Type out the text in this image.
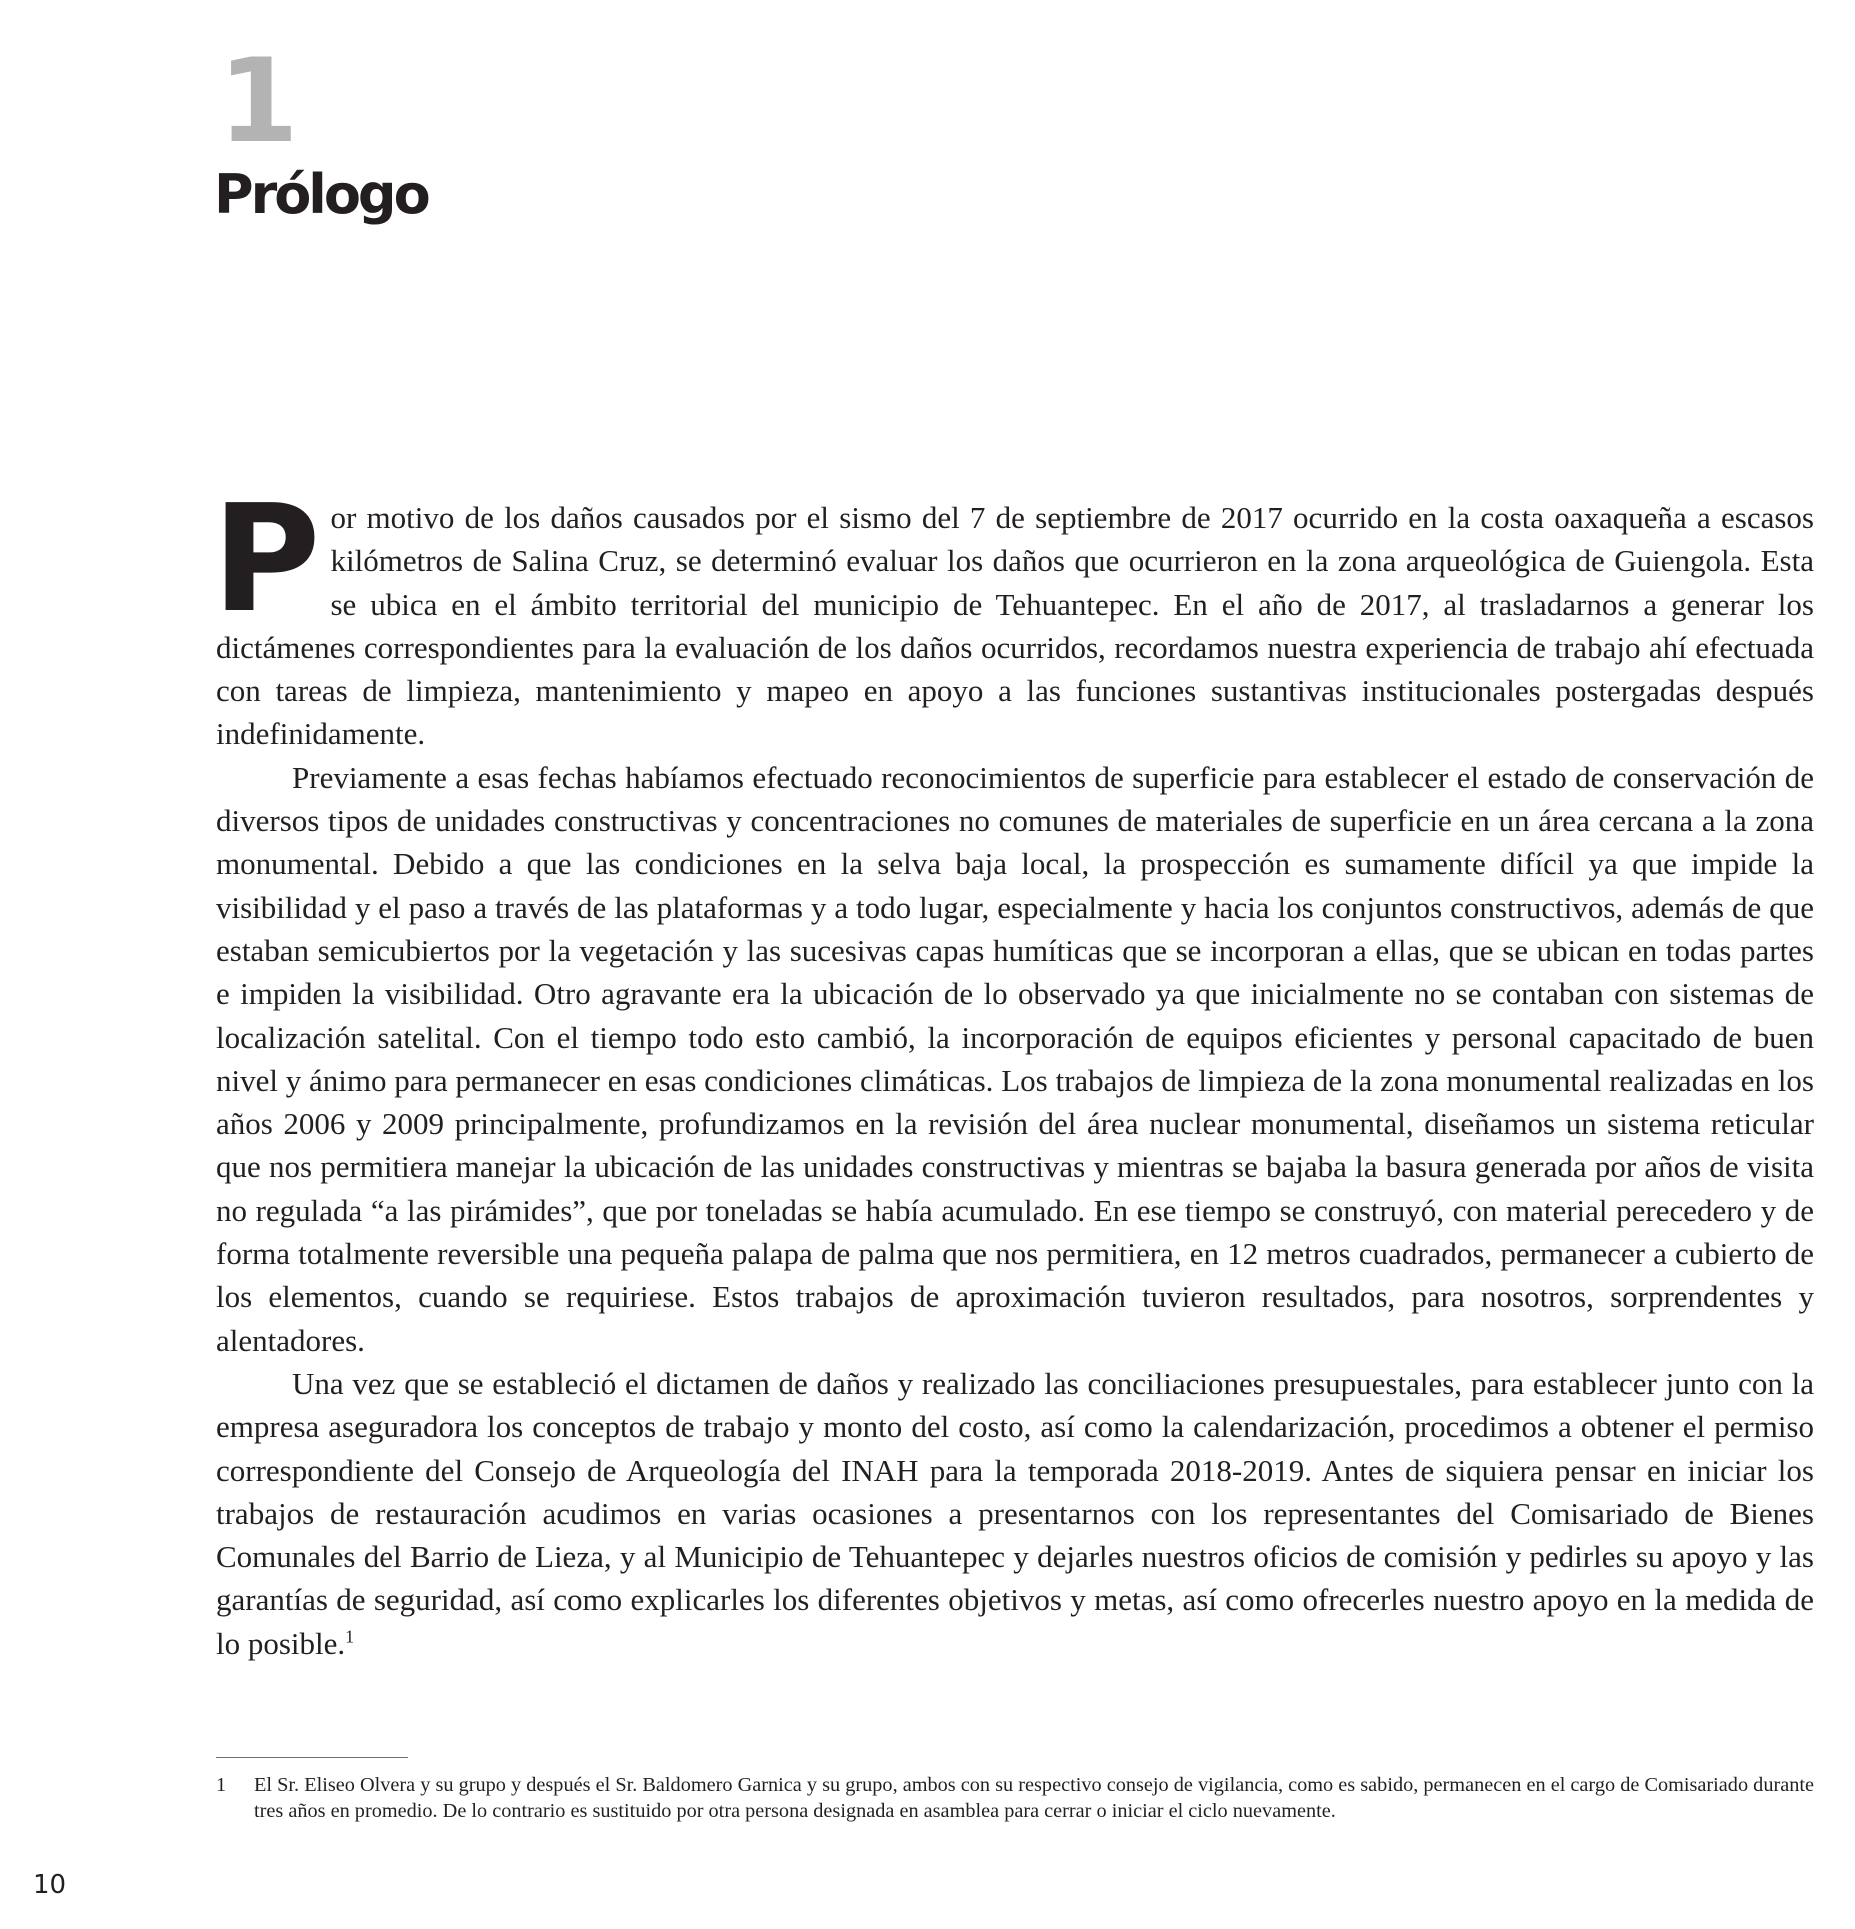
1
Prólogo

Por motivo de los daños causados por el sismo del 7 de septiembre de 2017 ocurrido en la costa oaxaqueña a escasos kilómetros de Salina Cruz, se determinó evaluar los daños que ocurrieron en la zona arqueológica de Guiengola. Esta se ubica en el ámbito territorial del municipio de Tehuantepec. En el año de 2017, al trasladarnos a generar los dictámenes correspondientes para la evaluación de los daños ocurridos, recordamos nuestra experiencia de trabajo ahí efectuada con tareas de limpieza, mantenimiento y mapeo en apoyo a las funciones sustantivas institucionales postergadas después indefinidamente.

Previamente a esas fechas habíamos efectuado reconocimientos de superficie para establecer el estado de conservación de diversos tipos de unidades constructivas y concentraciones no comunes de materiales de superficie en un área cercana a la zona monumental. Debido a que las condiciones en la selva baja local, la prospección es sumamente difícil ya que impide la visibilidad y el paso a través de las plataformas y a todo lugar, especialmente y hacia los conjuntos constructivos, además de que estaban semicubiertos por la vegetación y las sucesivas capas humíticas que se incorporan a ellas, que se ubican en todas partes e impiden la visibilidad. Otro agravante era la ubicación de lo observado ya que inicialmente no se contaban con sistemas de localización satelital. Con el tiempo todo esto cambió, la incorporación de equipos eficientes y personal capacitado de buen nivel y ánimo para permanecer en esas condiciones climáticas. Los trabajos de limpieza de la zona monumental realizadas en los años 2006 y 2009 principalmente, profundizamos en la revisión del área nuclear monumental, diseñamos un sistema reticular que nos permitiera manejar la ubicación de las unidades constructivas y mientras se bajaba la basura generada por años de visita no regulada “a las pirámides”, que por toneladas se había acumulado. En ese tiempo se construyó, con material perecedero y de forma totalmente reversible una pequeña palapa de palma que nos permitiera, en 12 metros cuadrados, permanecer a cubierto de los elementos, cuando se requiriese. Estos trabajos de aproximación tuvieron resultados, para nosotros, sorprendentes y alentadores.

Una vez que se estableció el dictamen de daños y realizado las conciliaciones presupuestales, para establecer junto con la empresa aseguradora los conceptos de trabajo y monto del costo, así como la calendarización, procedimos a obtener el permiso correspondiente del Consejo de Arqueología del INAH para la temporada 2018-2019. Antes de siquiera pensar en iniciar los trabajos de restauración acudimos en varias ocasiones a presentarnos con los representantes del Comisariado de Bienes Comunales del Barrio de Lieza, y al Municipio de Tehuantepec y dejarles nuestros oficios de comisión y pedirles su apoyo y las garantías de seguridad, así como explicarles los diferentes objetivos y metas, así como ofrecerles nuestro apoyo en la medida de lo posible.$^1$

1 El Sr. Eliseo Olvera y su grupo y después el Sr. Baldomero Garnica y su grupo, ambos con su respectivo consejo de vigilancia, como es sabido, permanecen en el cargo de Comisariado durante tres años en promedio. De lo contrario es sustituido por otra persona designada en asamblea para cerrar o iniciar el ciclo nuevamente.
10
